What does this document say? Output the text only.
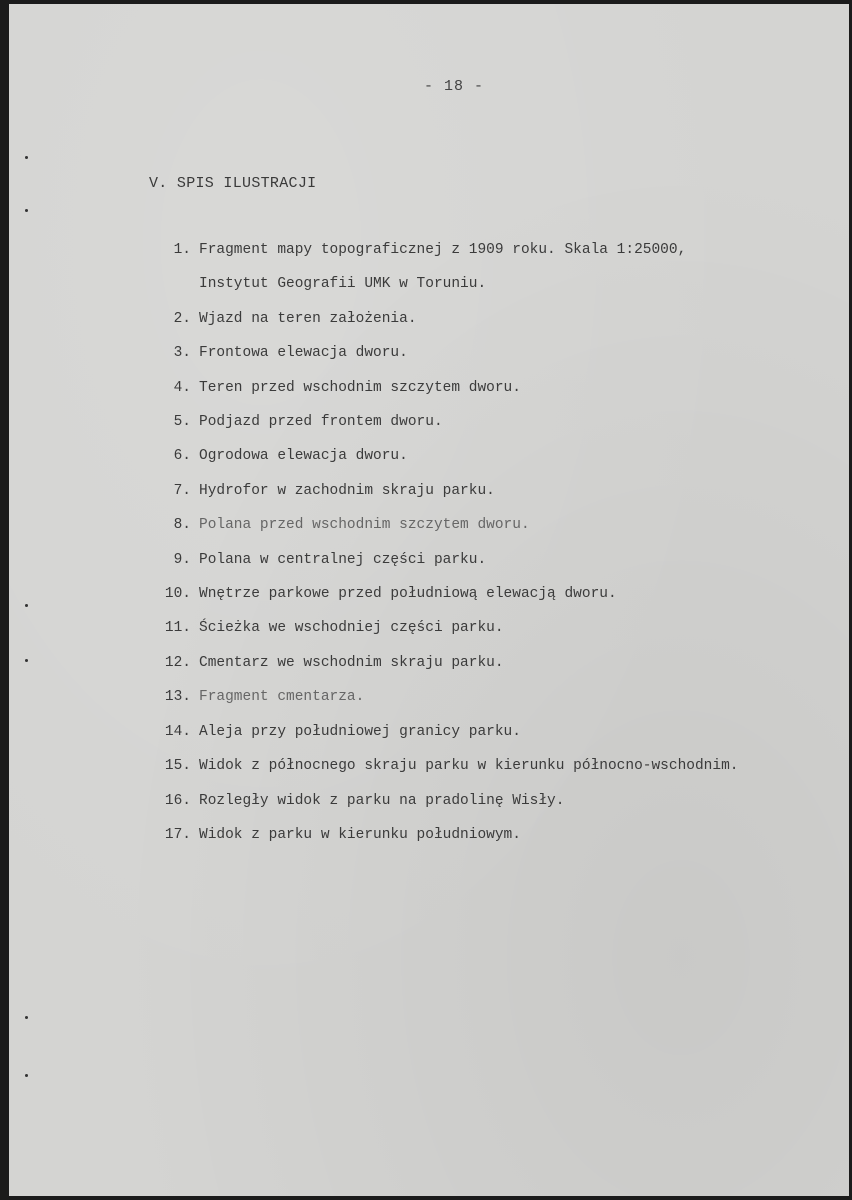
- 18 -
V. SPIS ILUSTRACJI
1. Fragment mapy topograficznej z 1909 roku. Skala 1:25000,
Instytut Geografii UMK w Toruniu.
2. Wjazd na teren założenia.
3. Frontowa elewacja dworu.
4. Teren przed wschodnim szczytem dworu.
5. Podjazd przed frontem dworu.
6. Ogrodowa elewacja dworu.
7. Hydrofor w zachodnim skraju parku.
8. Polana przed wschodnim szczytem dworu.
9. Polana w centralnej części parku.
10. Wnętrze parkowe przed południową elewacją dworu.
11. Ścieżka we wschodniej części parku.
12. Cmentarz we wschodnim skraju parku.
13. Fragment cmentarza.
14. Aleja przy południowej granicy parku.
15. Widok z północnego skraju parku w kierunku północno-wschodnim.
16. Rozległy widok z parku na pradolinę Wisły.
17. Widok z parku w kierunku południowym.
